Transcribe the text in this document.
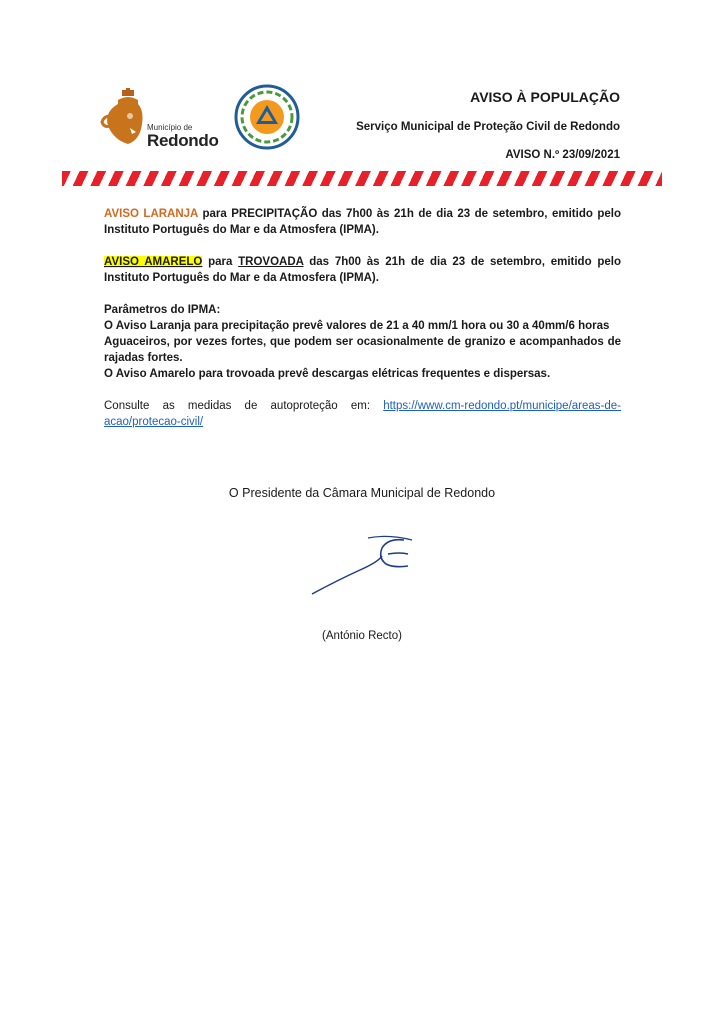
Município de
Redondo

AVISO À POPULAÇÃO

Serviço Municipal de Proteção Civil de Redondo

AVISO N.º 23/09/2021

AVISO LARANJA para PRECIPITAÇÃO das 7h00 às 21h de dia 23 de setembro, emitido pelo Instituto Português do Mar e da Atmosfera (IPMA).

AVISO AMARELO para TROVOADA das 7h00 às 21h de dia 23 de setembro, emitido pelo Instituto Português do Mar e da Atmosfera (IPMA).

Parâmetros do IPMA:

O Aviso Laranja para precipitação prevê valores de 21 a 40 mm/1 hora ou 30 a 40mm/6 horas

Aguaceiros, por vezes fortes, que podem ser ocasionalmente de granizo e acompanhados de rajadas fortes.

O Aviso Amarelo para trovoada prevê descargas elétricas frequentes e dispersas.

Consulte as medidas de autoproteção em: https://www.cm-redondo.pt/municipe/areas-de-acao/protecao-civil/

O Presidente da Câmara Municipal de Redondo
(António Recto)
